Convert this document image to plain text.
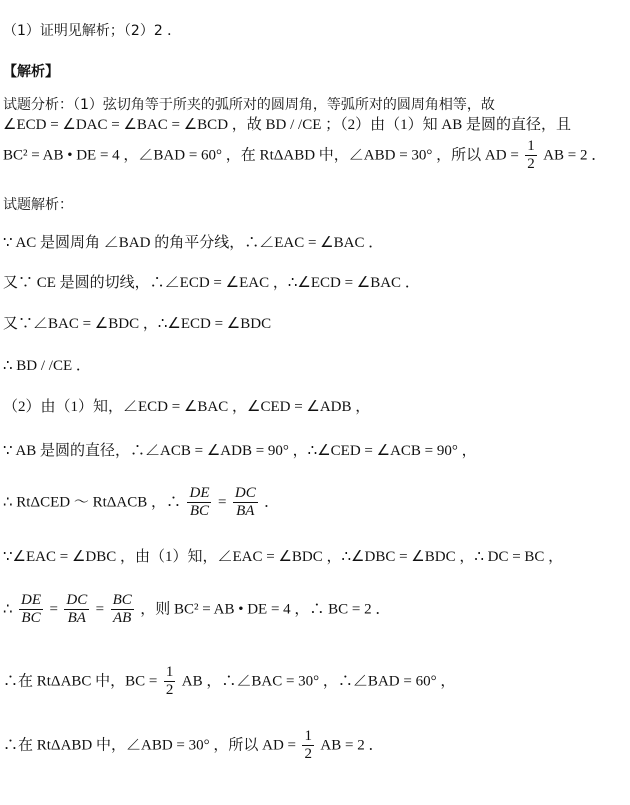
（1）证明见解析；（2）2 ．
【解析】
试题分析：（1）弦切角等于所夹的弧所对的圆周角，等弧所对的圆周角相等，故
∠ECD = ∠DAC = ∠BAC = ∠BCD ，故 BD / /CE ；（2）由（1）知 AB 是圆的直径，且
BC² = AB • DE = 4 ，∠BAD = 60° ，在 RtΔABD 中，∠ABD = 30° ，所以 AD = $\frac{1}{2}$ AB = 2 ．
试题解析：
∵ AC 是圆周角 ∠BAD 的角平分线，∴∠EAC = ∠BAC ．
又∵ CE 是圆的切线，∴∠ECD = ∠EAC ，∴∠ECD = ∠BAC ．
又∵∠BAC = ∠BDC ，∴∠ECD = ∠BDC
∴ BD / /CE ．
（2）由（1）知，∠ECD = ∠BAC ，∠CED = ∠ADB ，
∵ AB 是圆的直径，∴∠ACB = ∠ADB = 90° ，∴∠CED = ∠ACB = 90° ，
∴ RtΔCED ～ RtΔACB ，∴ $\frac{DE}{BC} = \frac{DC}{BA}$ ．
∵∠EAC = ∠DBC ，由（1）知，∠EAC = ∠BDC ，∴∠DBC = ∠BDC ，∴ DC = BC ，
∴ $\frac{DE}{BC} = \frac{DC}{BA} = \frac{BC}{AB}$ ，则 BC² = AB • DE = 4 ，∴ BC = 2 ．
∴在 RtΔABC 中，BC = $\frac{1}{2}$ AB ，∴∠BAC = 30° ，∴∠BAD = 60° ，
∴在 RtΔABD 中，∠ABD = 30° ，所以 AD = $\frac{1}{2}$ AB = 2 ．
